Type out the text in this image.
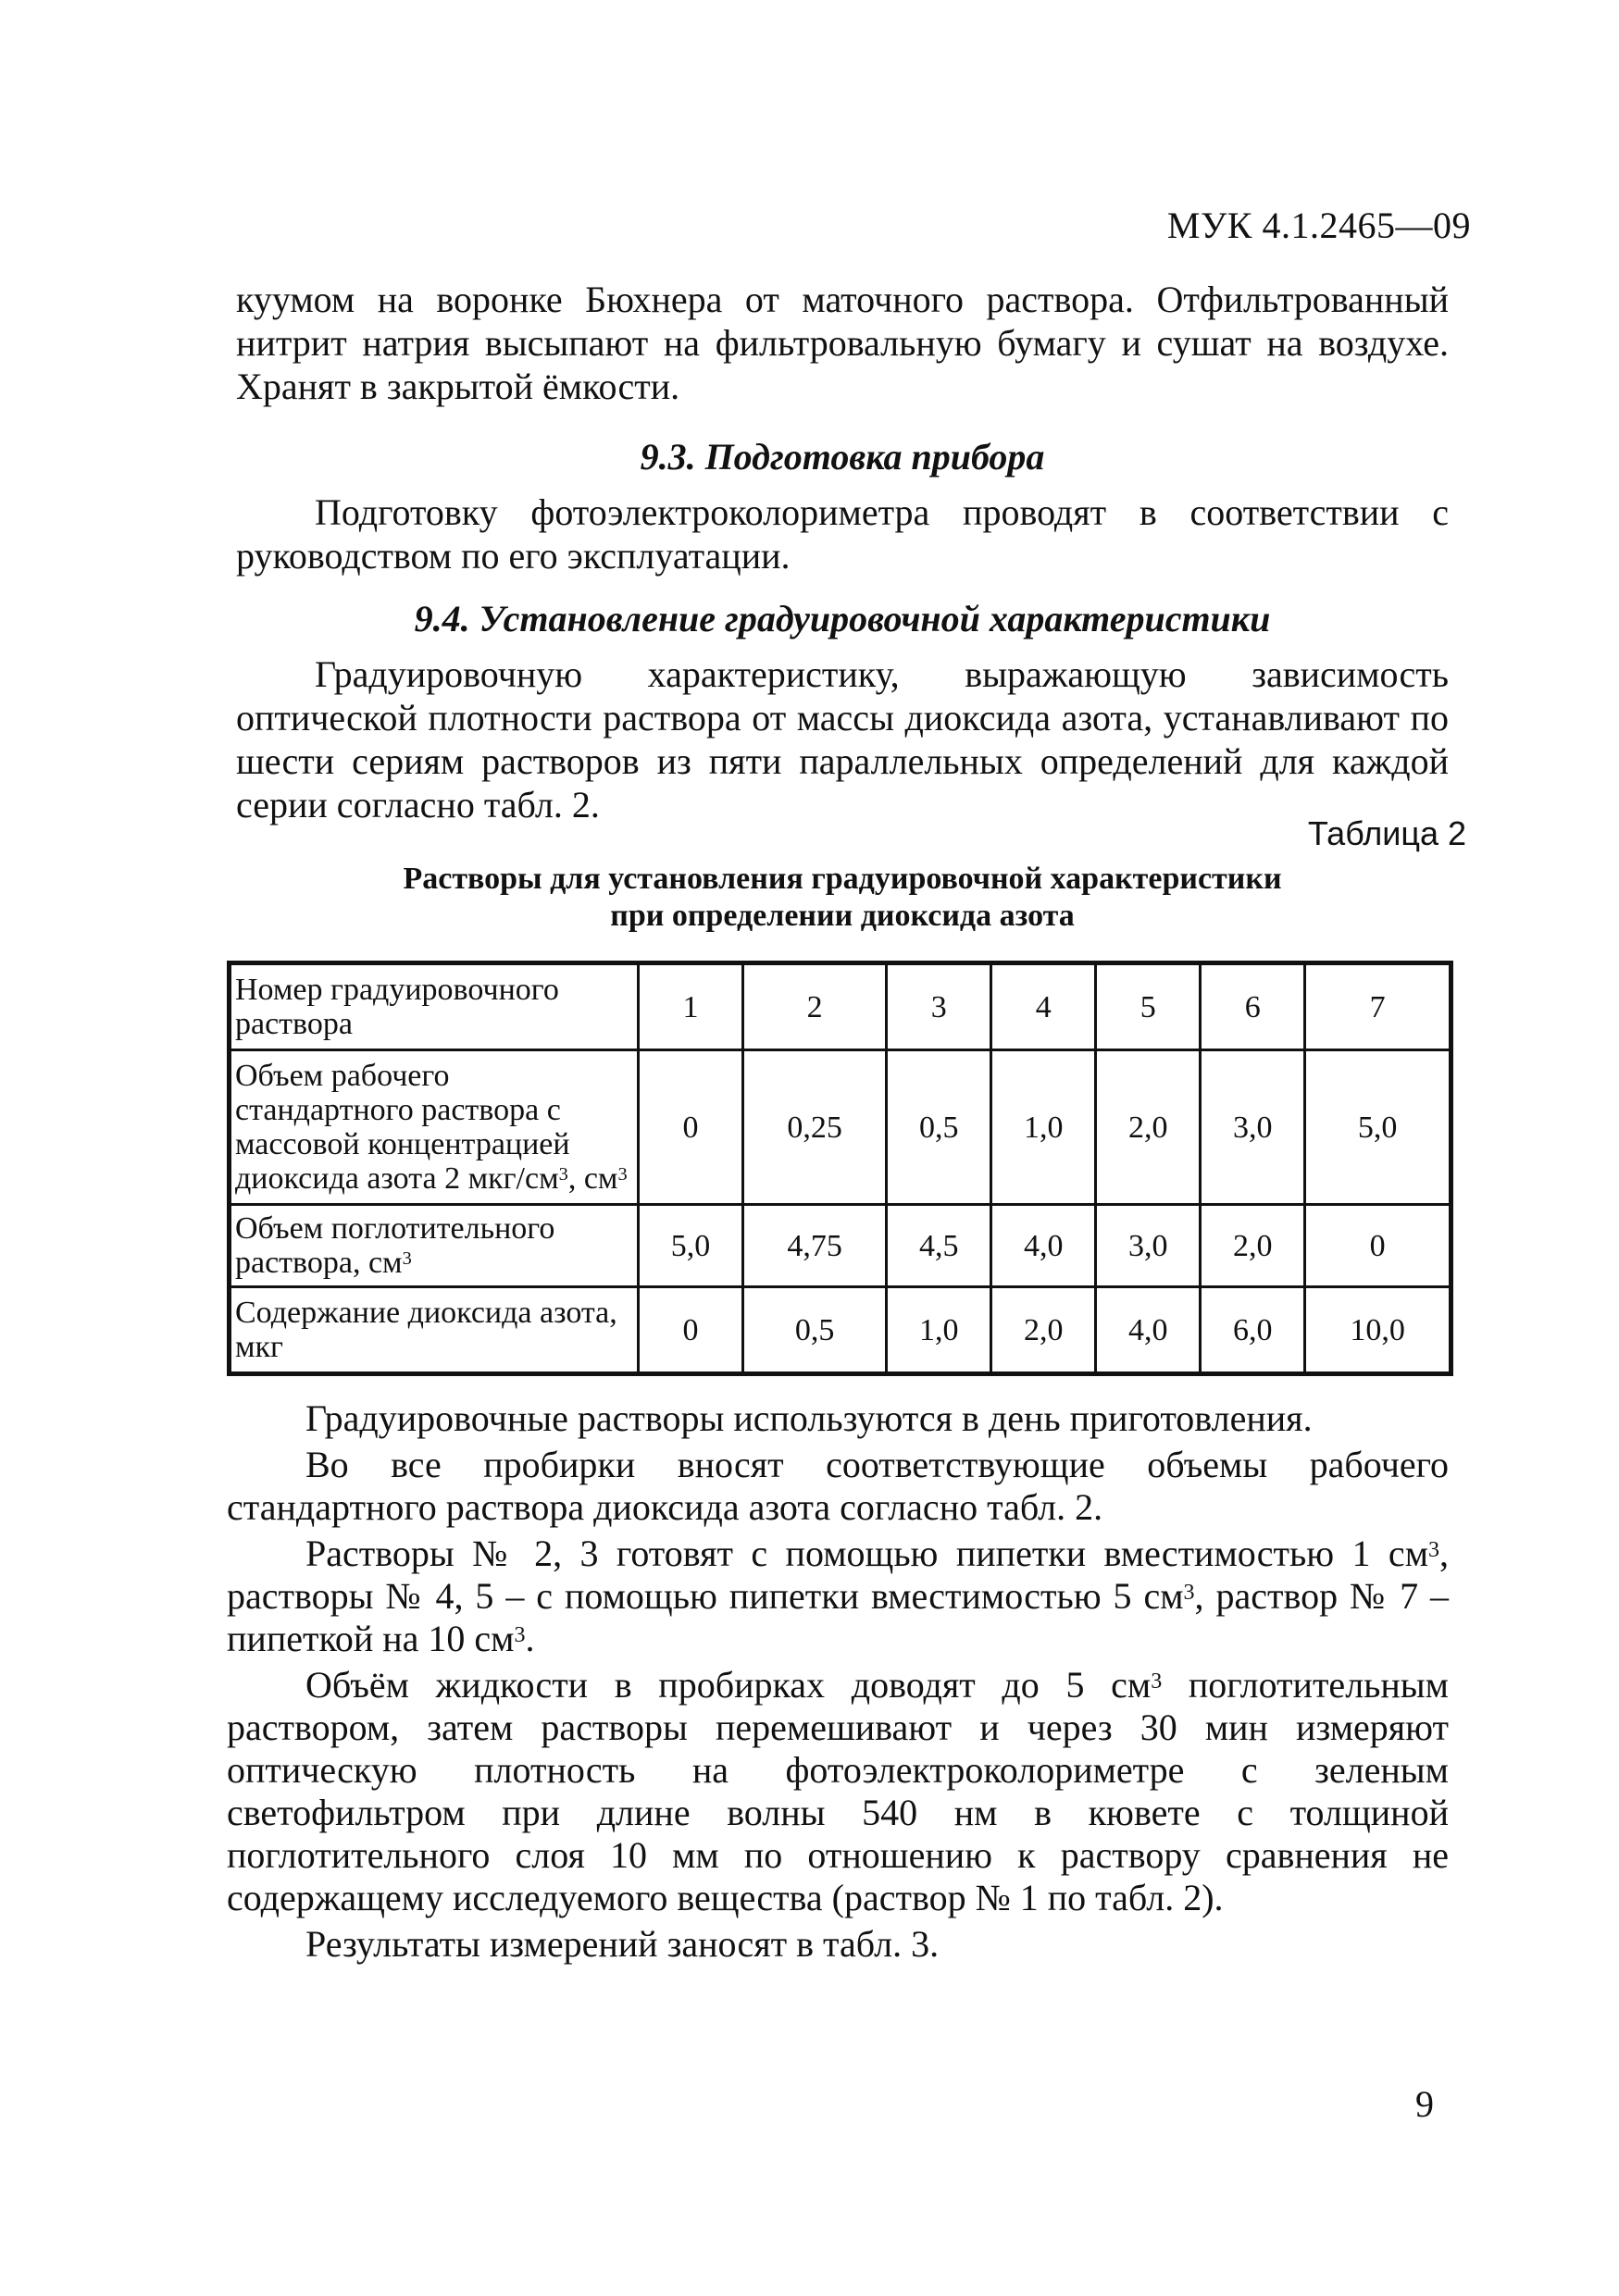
МУК 4.1.2465—09

куумом на воронке Бюхнера от маточного раствора. Отфильтрованный нитрит натрия высыпают на фильтровальную бумагу и сушат на воздухе. Хранят в закрытой ёмкости.

9.3. Подготовка прибора

Подготовку фотоэлектроколориметра проводят в соответствии с руководством по его эксплуатации.

9.4. Установление градуировочной характеристики

Градуировочную характеристику, выражающую зависимость оптической плотности раствора от массы диоксида азота, устанавливают по шести сериям растворов из пяти параллельных определений для каждой серии согласно табл. 2.

Таблица 2
Растворы для установления градуировочной характеристики
при определении диоксида азота
Номер градуировочного раствора	1	2	3	4	5	6	7
Объем рабочего стандартного раствора с массовой концентрацией диоксида азота 2 мкг/$см^3$, $см^3$	0	0,25	0,5	1,0	2,0	3,0	5,0
Объем поглотительного раствора, $см^3$	5,0	4,75	4,5	4,0	3,0	2,0	0
Содержание диоксида азота, мкг	0	0,5	1,0	2,0	4,0	6,0	10,0

Градуировочные растворы используются в день приготовления.

Во все пробирки вносят соответствующие объемы рабочего стандартного раствора диоксида азота согласно табл. 2.

Растворы № 2, 3 готовят с помощью пипетки вместимостью 1 $см^3$, растворы № 4, 5 – с помощью пипетки вместимостью 5 $см^3$, раствор № 7 – пипеткой на 10 $см^3$.

Объём жидкости в пробирках доводят до 5 $см^3$ поглотительным раствором, затем растворы перемешивают и через 30 мин измеряют оптическую плотность на фотоэлектроколориметре с зеленым светофильтром при длине волны 540 нм в кювете с толщиной поглотительного слоя 10 мм по отношению к раствору сравнения не содержащему исследуемого вещества (раствор № 1 по табл. 2).

Результаты измерений заносят в табл. 3.

9
